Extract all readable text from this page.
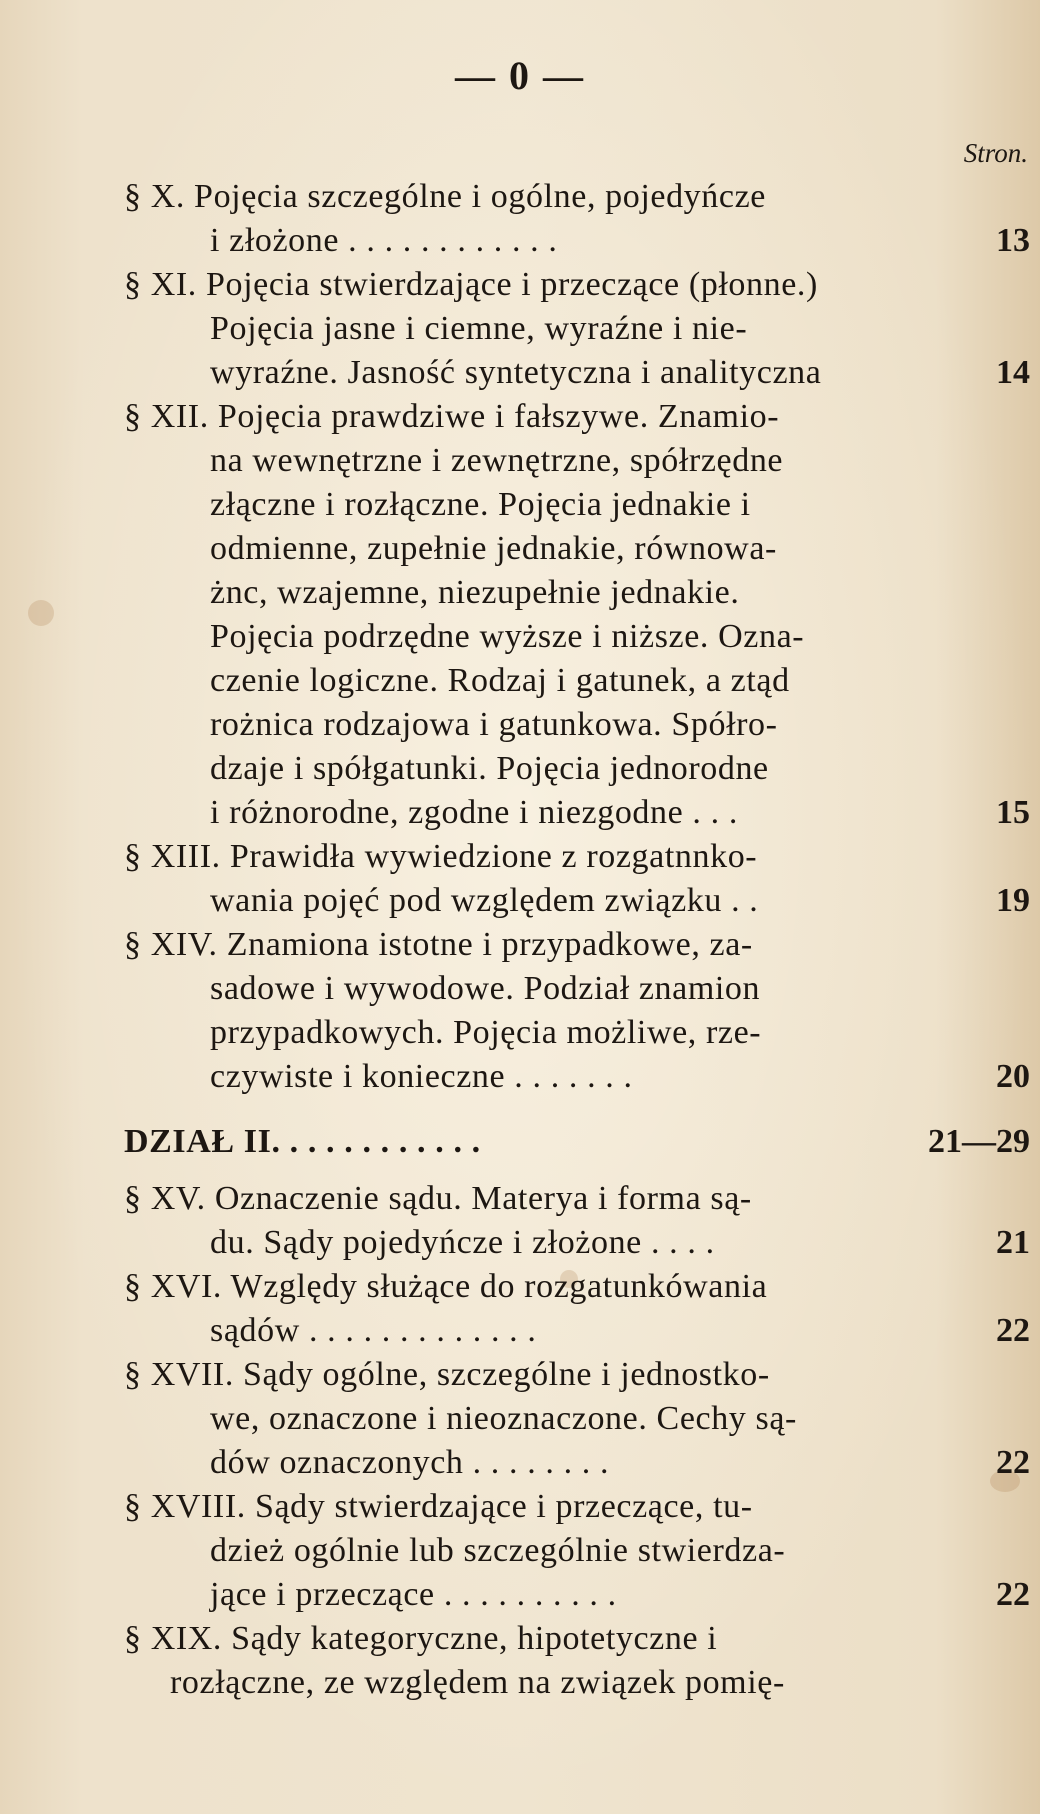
— 0 —
Stron.
§ X. Pojęcia szczególne i ogólne, pojedyńcze
i złożone . . . . . . . . . . . .	13
§ XI. Pojęcia stwierdzające i przeczące (płonne.)
Pojęcia jasne i ciemne, wyraźne i nie-
wyraźne. Jasność syntetyczna i analityczna	14
§ XII. Pojęcia prawdziwe i fałszywe. Znamio-
na wewnętrzne i zewnętrzne, spółrzędne
złączne i rozłączne. Pojęcia jednakie i
odmienne, zupełnie jednakie, równowa-
żnc, wzajemne, niezupełnie jednakie.
Pojęcia podrzędne wyższe i niższe. Ozna-
czenie logiczne. Rodzaj i gatunek, a ztąd
rożnica rodzajowa i gatunkowa. Spółro-
dzaje i spółgatunki. Pojęcia jednorodne
i różnorodne, zgodne i niezgodne . . .	15
§ XIII. Prawidła wywiedzione z rozgatnnko-
wania pojęć pod względem związku . .	19
§ XIV. Znamiona istotne i przypadkowe, za-
sadowe i wywodowe. Podział znamion
przypadkowych. Pojęcia możliwe, rze-
czywiste i konieczne . . . . . . .	20
DZIAŁ II. . . . . . . . . . . .	21—29
§ XV. Oznaczenie sądu. Materya i forma są-
du. Sądy pojedyńcze i złożone . . . .	21
§ XVI. Względy służące do rozgatunkówania
sądów . . . . . . . . . . . . .	22
§ XVII. Sądy ogólne, szczególne i jednostko-
we, oznaczone i nieoznaczone. Cechy są-
dów oznaczonych . . . . . . . .	22
§ XVIII. Sądy stwierdzające i przeczące, tu-
dzież ogólnie lub szczególnie stwierdza-
jące i przeczące . . . . . . . . . .	22
§ XIX. Sądy kategoryczne, hipotetyczne i
rozłączne, ze względem na związek pomię-
